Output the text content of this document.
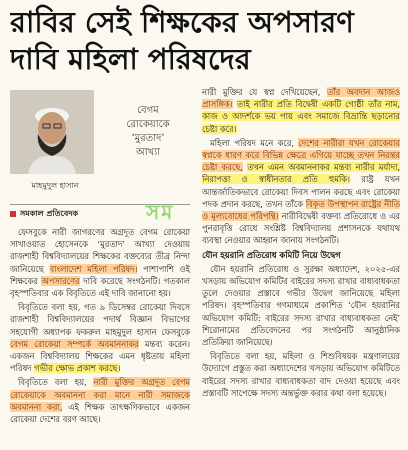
রাবির সেই শিক্ষকের অপসারণ
দাবি মহিলা পরিষদের
মাহমুদুল হাসান
বেগম
রোকেয়াকে
‘মুরতাদ’
আখ্যা
সমকাল প্রতিবেদক	সম

ফেসবুকে নারী জাগরণের অগ্রদূত বেগম রোকেয়া সাখাওয়াত হোসেনকে ‘মুরতাদ’ আখ্যা দেওয়ায় রাজশাহী বিশ্ববিদ্যালয়ের শিক্ষকের বক্তব্যের তীব্র নিন্দা জানিয়েছে বাংলাদেশ মহিলা পরিষদ। পাশাপাশি ওই শিক্ষকের অপসারণের দাবি করেছে সংগঠনটি। গতকাল বৃহস্পতিবার এক বিবৃতিতে এই দাবি জানানো হয়।

বিবৃতিতে বলা হয়, গত ৯ ডিসেম্বর রোকেয়া দিবসে রাজশাহী বিশ্ববিদ্যালয়ের পদার্থ বিজ্ঞান বিভাগের সহযোগী অধ্যাপক ফকরুল মাহমুদুল হাসান ফেসবুকে বেগম রোকেয়া সম্পর্কে অবমাননাকর মন্তব্য করেন। একজন বিশ্ববিদ্যালয় শিক্ষকের এমন ধৃষ্টতায় মহিলা পরিষদ গভীর ক্ষোভ প্রকাশ করছে।

বিবৃতিতে বলা হয়, নারী মুক্তির অগ্রদূত বেগম রোকেয়াকে অবমাননা করা মানে নারী সমাজকে অবমাননা করা, এই শিক্ষক তাৎক্ষণিকভাবে একজন রোকেয়া দেশের বরণ আছে।

নারী মুক্তির যে স্বপ্ন দেখিয়েছেন, তাঁর অবদান আজও প্রাসঙ্গিক। তাই নারীর প্রতি বিদ্বেষী একটি গোষ্ঠী তাঁর নাম, কাজ ও আদর্শকে ভয় পায় এবং সমাজে বিভ্রান্তি ছড়ানোর চেষ্টা করে।

মহিলা পরিষদ মনে করে, দেশের নারীরা যখন রোকেয়ার স্বপ্নকে ধারণ করে বিভিন্ন ক্ষেত্রে এগিয়ে যাচ্ছে তখন নিরন্তর চেষ্টা করছে, তখন এমন অবমাননাকর মন্তব্য নারীর মর্যাদা, নিরাপত্তা ও স্বাধীনতার প্রতি হুমকি। রাষ্ট্র যখন আন্তর্জাতিকভাবে রোকেয়া দিবস পালন করছে এবং রোকেয়া পদক প্রদান করছে, তখন তাঁকে বিকৃত উপস্থাপন রাষ্ট্রের নীতি ও মূল্যবোধের পরিপন্থি। নারীবিদ্বেষী বক্তব্য প্রতিরোধে ও এর পুনরাবৃত্তি রোধে সংশ্লিষ্ট বিশ্ববিদ্যালয় প্রশাসনকে যথাযথ ব্যবস্থা নেওয়ার আহ্বান জানায় সংগঠনটি।

যৌন হয়রানি প্রতিরোধ কমিটি নিয়ে উদ্বেগ

যৌন হয়রানি প্রতিরোধ ও সুরক্ষা অধ্যাদেশ, ২০২৫-এর খসড়ায় অভিযোগ কমিটির বাইরের সদস্য রাখার বাধ্যবাধকতা তুলে দেওয়ার প্রস্তাবে গভীর উদ্বেগ জানিয়েছে মহিলা পরিষদ। বৃহস্পতিবার গণমাধ্যমে প্রকাশিত ‘যৌন হয়রানির অভিযোগ কমিটি: বাইরের সদস্য রাখার বাধ্যবাধকতা নেই’ শিরোনামের প্রতিবেদনের পর সংগঠনটি আনুষ্ঠানিক প্রতিক্রিয়া জানিয়েছে।

বিবৃতিতে বলা হয়, মহিলা ও শিশুবিষয়ক মন্ত্রণালয়ের উদ্যোগে প্রস্তুত করা অধ্যাদেশের খসড়ায় অভিযোগ কমিটিতে বাইরের সদস্য রাখার বাধ্যবাধকতা বাদ দেওয়া হয়েছে এবং প্রস্তাবটি সাপেক্ষে সদস্য অন্তর্ভুক্ত করার কথা বলা হয়েছে।
